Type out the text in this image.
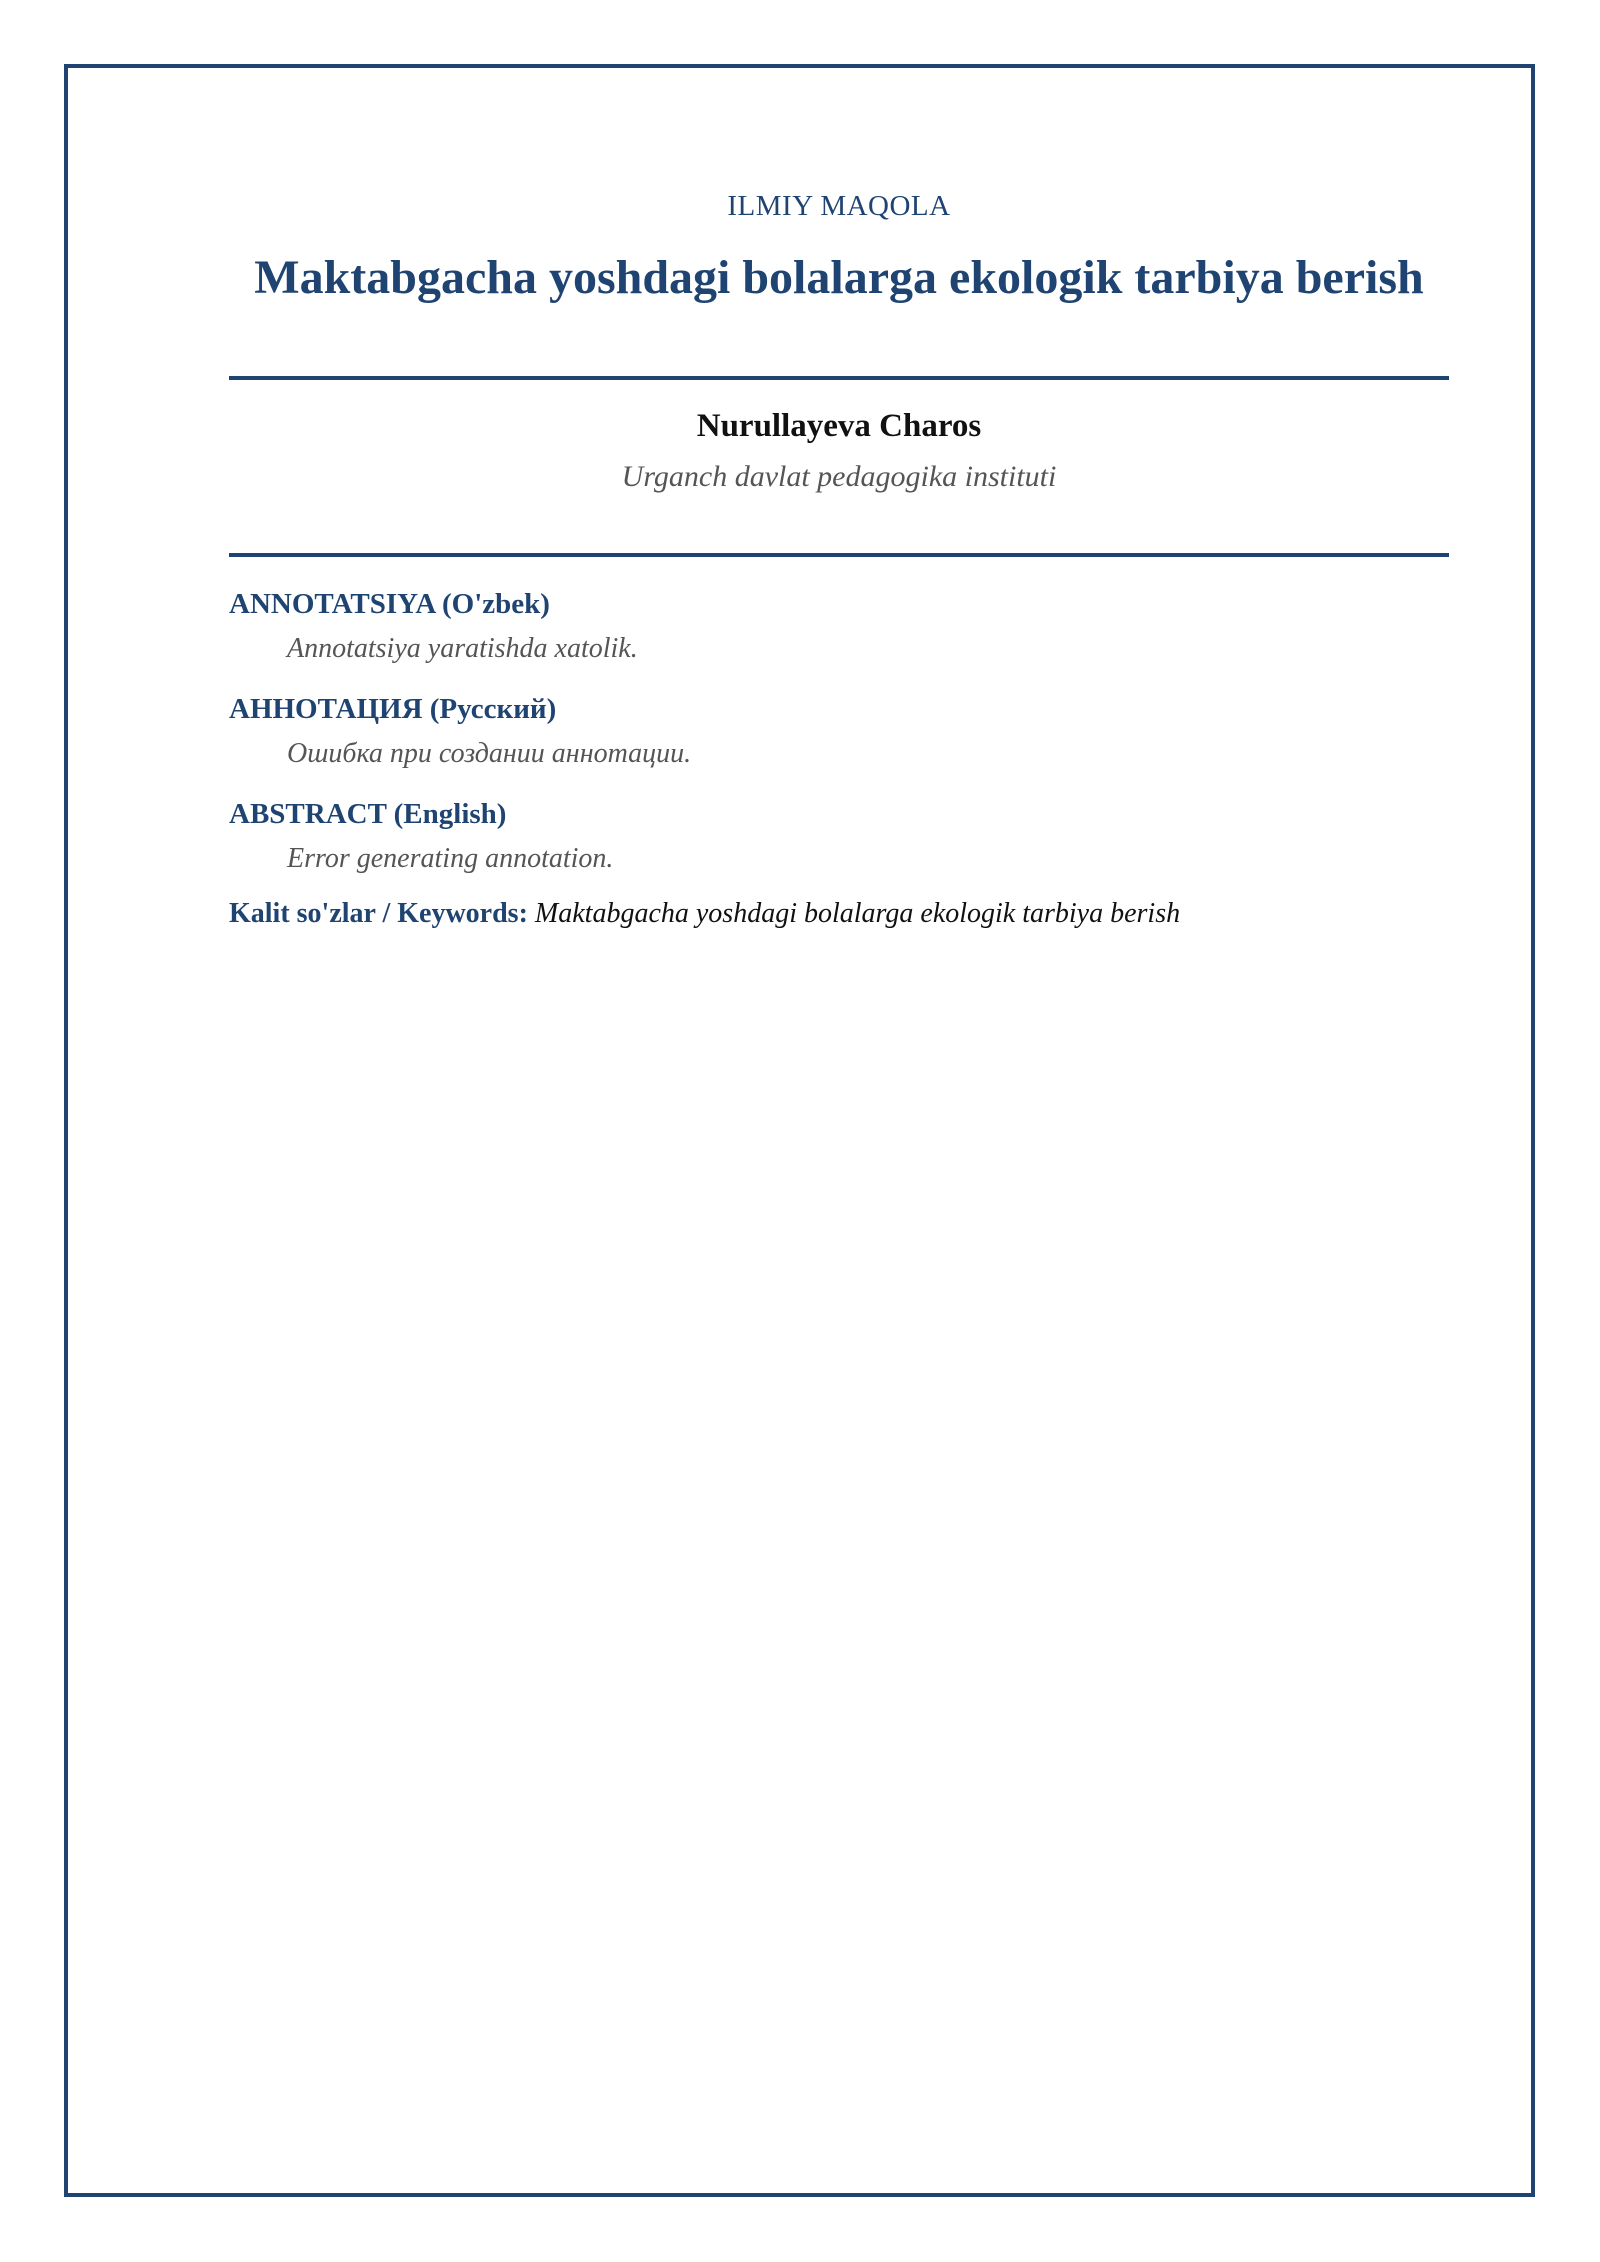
ILMIY MAQOLA
Maktabgacha yoshdagi bolalarga ekologik tarbiya berish
Nurullayeva Charos
Urganch davlat pedagogika instituti
ANNOTATSIYA (O'zbek)
Annotatsiya yaratishda xatolik.
АННОТАЦИЯ (Русский)
Ошибка при создании аннотации.
ABSTRACT (English)
Error generating annotation.
Kalit so'zlar / Keywords: Maktabgacha yoshdagi bolalarga ekologik tarbiya berish
